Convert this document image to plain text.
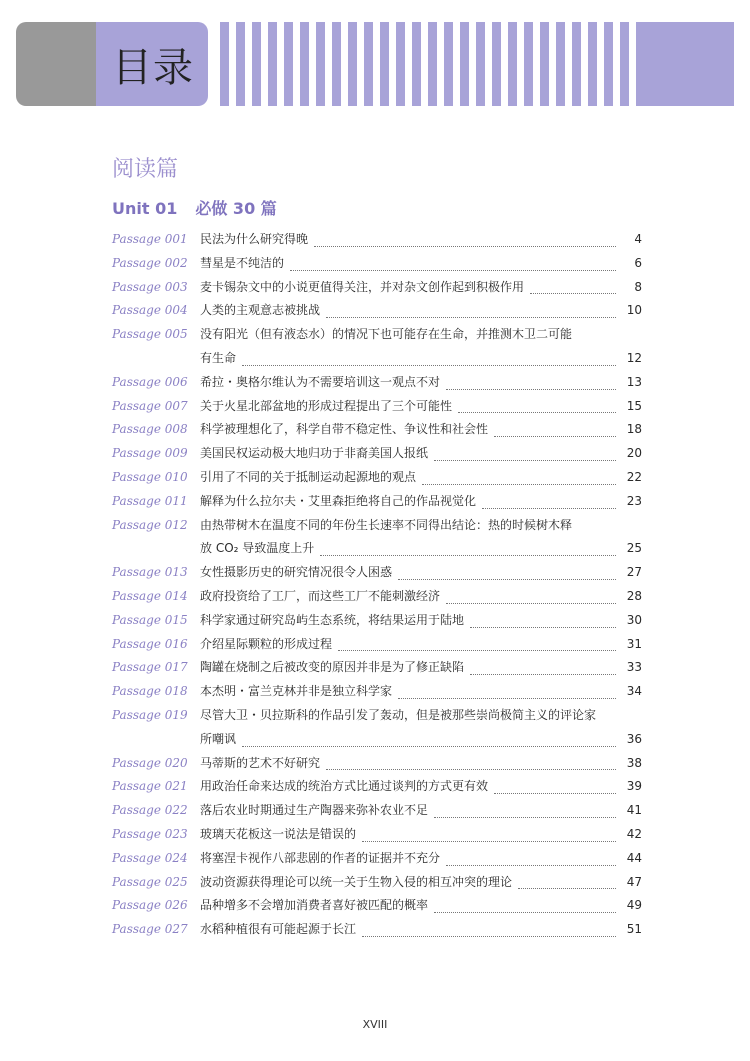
目录
阅读篇
Unit 01 必做 30 篇
Passage 001	民法为什么研究得晚	4
Passage 002	彗星是不纯洁的	6
Passage 003	麦卡锡杂文中的小说更值得关注，并对杂文创作起到积极作用	8
Passage 004	人类的主观意志被挑战	10
Passage 005	没有阳光（但有液态水）的情况下也可能存在生命，并推测木卫二可能
有生命	12
Passage 006	希拉・奥格尔维认为不需要培训这一观点不对	13
Passage 007	关于火星北部盆地的形成过程提出了三个可能性	15
Passage 008	科学被理想化了，科学自带不稳定性、争议性和社会性	18
Passage 009	美国民权运动极大地归功于非裔美国人报纸	20
Passage 010	引用了不同的关于抵制运动起源地的观点	22
Passage 011	解释为什么拉尔夫・艾里森拒绝将自己的作品视觉化	23
Passage 012	由热带树木在温度不同的年份生长速率不同得出结论：热的时候树木释
放 CO₂ 导致温度上升	25
Passage 013	女性摄影历史的研究情况很令人困惑	27
Passage 014	政府投资给了工厂，而这些工厂不能刺激经济	28
Passage 015	科学家通过研究岛屿生态系统，将结果运用于陆地	30
Passage 016	介绍星际颗粒的形成过程	31
Passage 017	陶罐在烧制之后被改变的原因并非是为了修正缺陷	33
Passage 018	本杰明・富兰克林并非是独立科学家	34
Passage 019	尽管大卫・贝拉斯科的作品引发了轰动，但是被那些崇尚极简主义的评论家
所嘲讽	36
Passage 020	马蒂斯的艺术不好研究	38
Passage 021	用政治任命来达成的统治方式比通过谈判的方式更有效	39
Passage 022	落后农业时期通过生产陶器来弥补农业不足	41
Passage 023	玻璃天花板这一说法是错误的	42
Passage 024	将塞涅卡视作八部悲剧的作者的证据并不充分	44
Passage 025	波动资源获得理论可以统一关于生物入侵的相互冲突的理论	47
Passage 026	品种增多不会增加消费者喜好被匹配的概率	49
Passage 027	水稻种植很有可能起源于长江	51
XVIII
